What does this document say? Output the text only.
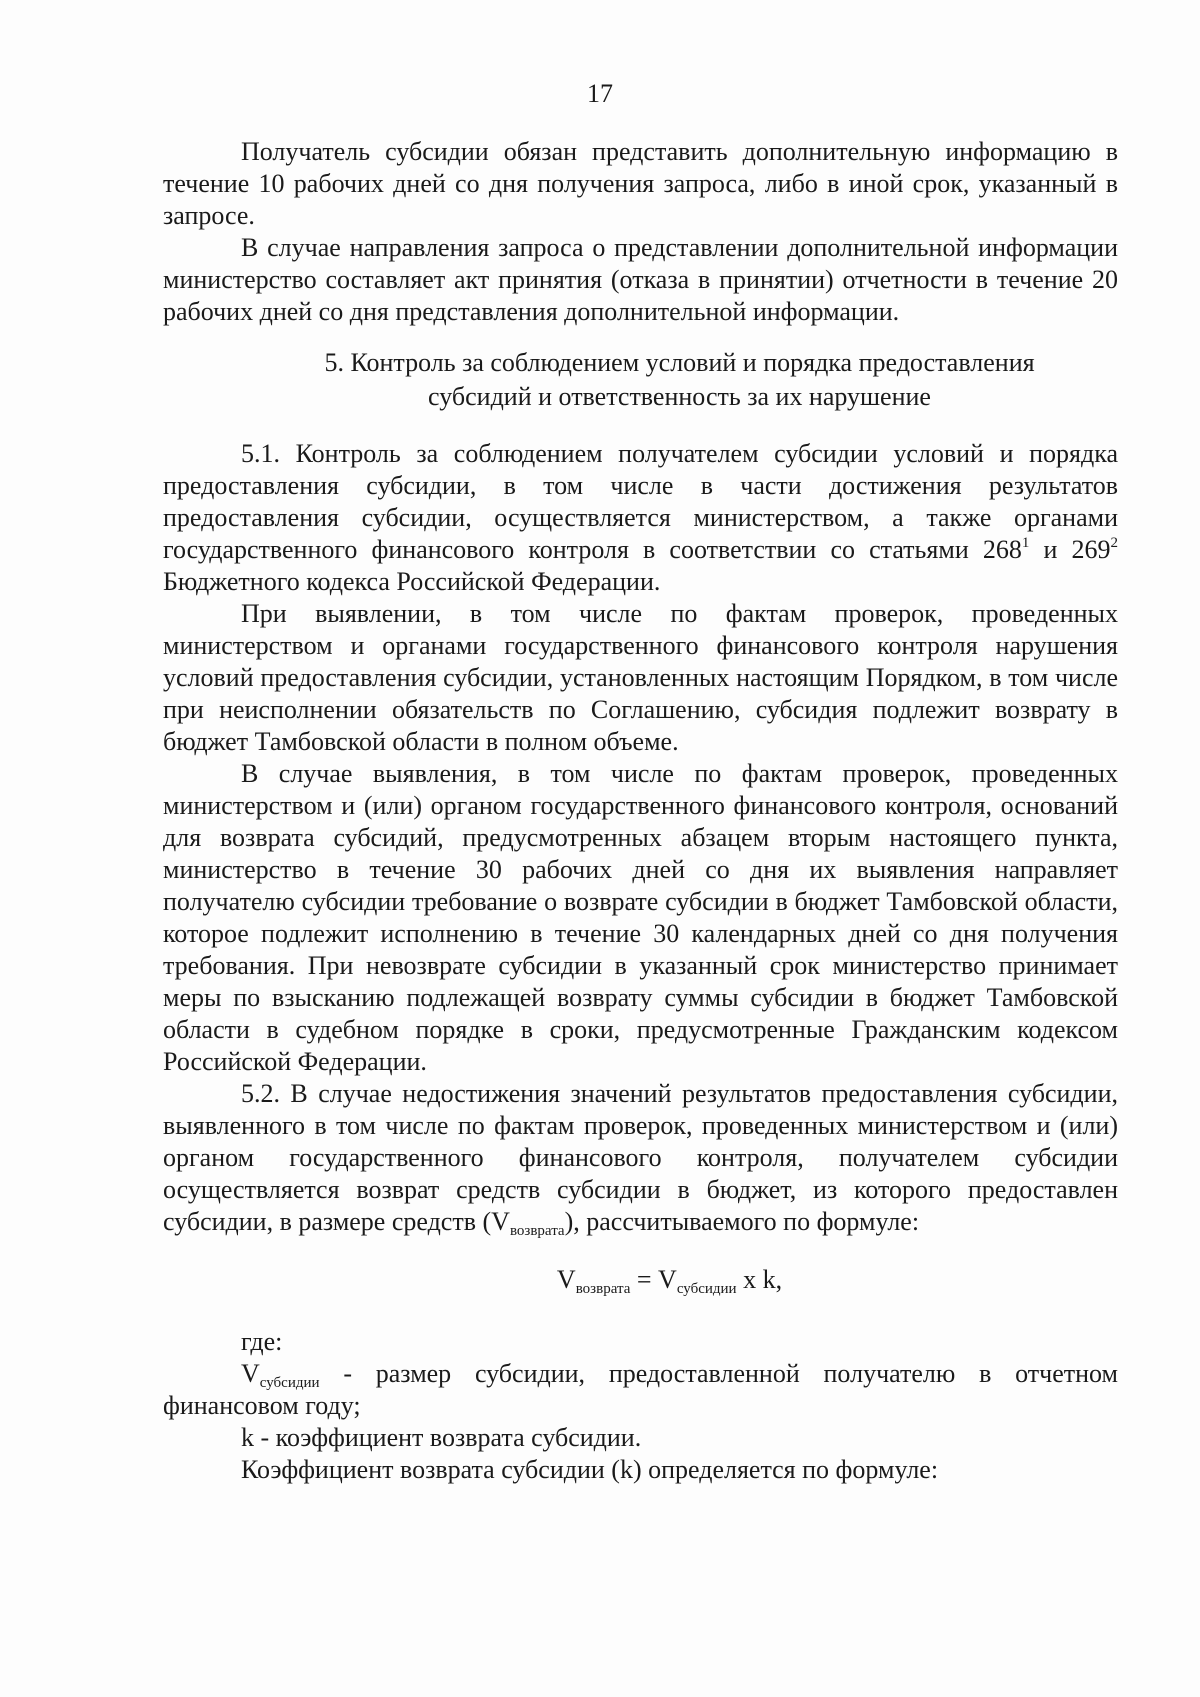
17

Получатель субсидии обязан представить дополнительную информацию в течение 10 рабочих дней со дня получения запроса, либо в иной срок, указанный в запросе.

В случае направления запроса о представлении дополнительной информации министерство составляет акт принятия (отказа в принятии) отчетности в течение 20 рабочих дней со дня представления дополнительной информации.

5. Контроль за соблюдением условий и порядка предоставления
субсидий и ответственность за их нарушение

5.1. Контроль за соблюдением получателем субсидии условий и порядка предоставления субсидии, в том числе в части достижения результатов предоставления субсидии, осуществляется министерством, а также органами государственного финансового контроля в соответствии со статьями $268^1$ и $269^2$ Бюджетного кодекса Российской Федерации.

При выявлении, в том числе по фактам проверок, проведенных министерством и органами государственного финансового контроля нарушения условий предоставления субсидии, установленных настоящим Порядком, в том числе при неисполнении обязательств по Соглашению, субсидия подлежит возврату в бюджет Тамбовской области в полном объеме.

В случае выявления, в том числе по фактам проверок, проведенных министерством и (или) органом государственного финансового контроля, оснований для возврата субсидий, предусмотренных абзацем вторым настоящего пункта, министерство в течение 30 рабочих дней со дня их выявления направляет получателю субсидии требование о возврате субсидии в бюджет Тамбовской области, которое подлежит исполнению в течение 30 календарных дней со дня получения требования. При невозврате субсидии в указанный срок министерство принимает меры по взысканию подлежащей возврату суммы субсидии в бюджет Тамбовской области в судебном порядке в сроки, предусмотренные Гражданским кодексом Российской Федерации.

5.2. В случае недостижения значений результатов предоставления субсидии, выявленного в том числе по фактам проверок, проведенных министерством и (или) органом государственного финансового контроля, получателем субсидии осуществляется возврат средств субсидии в бюджет, из которого предоставлен субсидии, в размере средств $(V_{возврата})$, рассчитываемого по формуле:

$V_{возврата} = V_{субсидии}$ x k,

где:

$V_{субсидии}$ - размер субсидии, предоставленной получателю в отчетном финансовом году;

k - коэффициент возврата субсидии.

Коэффициент возврата субсидии (k) определяется по формуле:
